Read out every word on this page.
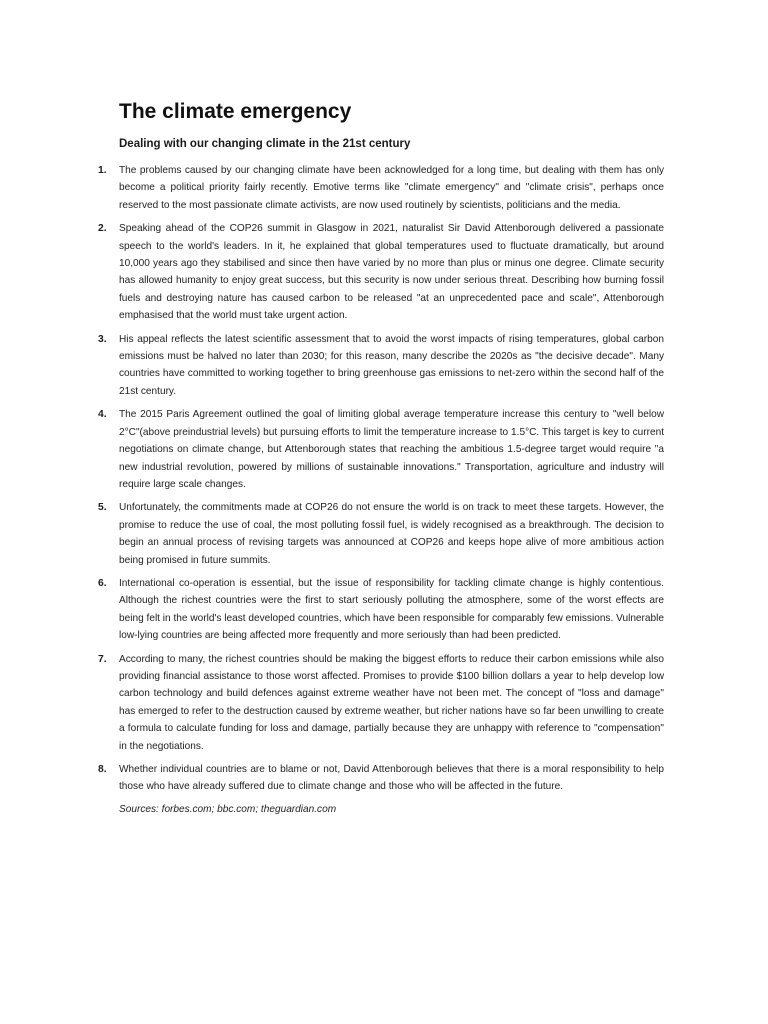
The climate emergency
Dealing with our changing climate in the 21st century
1.	The problems caused by our changing climate have been acknowledged for a long time, but dealing with them has only become a political priority fairly recently. Emotive terms like "climate emergency" and "climate crisis", perhaps once reserved to the most passionate climate activists, are now used routinely by scientists, politicians and the media.
2.	Speaking ahead of the COP26 summit in Glasgow in 2021, naturalist Sir David Attenborough delivered a passionate speech to the world's leaders. In it, he explained that global temperatures used to fluctuate dramatically, but around 10,000 years ago they stabilised and since then have varied by no more than plus or minus one degree. Climate security has allowed humanity to enjoy great success, but this security is now under serious threat. Describing how burning fossil fuels and destroying nature has caused carbon to be released "at an unprecedented pace and scale", Attenborough emphasised that the world must take urgent action.
3.	His appeal reflects the latest scientific assessment that to avoid the worst impacts of rising temperatures, global carbon emissions must be halved no later than 2030; for this reason, many describe the 2020s as "the decisive decade". Many countries have committed to working together to bring greenhouse gas emissions to net-zero within the second half of the 21st century.
4.	The 2015 Paris Agreement outlined the goal of limiting global average temperature increase this century to "well below 2°C"(above preindustrial levels) but pursuing efforts to limit the temperature increase to 1.5°C. This target is key to current negotiations on climate change, but Attenborough states that reaching the ambitious 1.5-degree target would require "a new industrial revolution, powered by millions of sustainable innovations." Transportation, agriculture and industry will require large scale changes.
5.	Unfortunately, the commitments made at COP26 do not ensure the world is on track to meet these targets. However, the promise to reduce the use of coal, the most polluting fossil fuel, is widely recognised as a breakthrough. The decision to begin an annual process of revising targets was announced at COP26 and keeps hope alive of more ambitious action being promised in future summits.
6.	International co-operation is essential, but the issue of responsibility for tackling climate change is highly contentious. Although the richest countries were the first to start seriously polluting the atmosphere, some of the worst effects are being felt in the world's least developed countries, which have been responsible for comparably few emissions. Vulnerable low-lying countries are being affected more frequently and more seriously than had been predicted.
7.	According to many, the richest countries should be making the biggest efforts to reduce their carbon emissions while also providing financial assistance to those worst affected. Promises to provide $100 billion dollars a year to help develop low carbon technology and build defences against extreme weather have not been met. The concept of "loss and damage" has emerged to refer to the destruction caused by extreme weather, but richer nations have so far been unwilling to create a formula to calculate funding for loss and damage, partially because they are unhappy with reference to "compensation" in the negotiations.
8.	Whether individual countries are to blame or not, David Attenborough believes that there is a moral responsibility to help those who have already suffered due to climate change and those who will be affected in the future.
Sources: forbes.com; bbc.com; theguardian.com
